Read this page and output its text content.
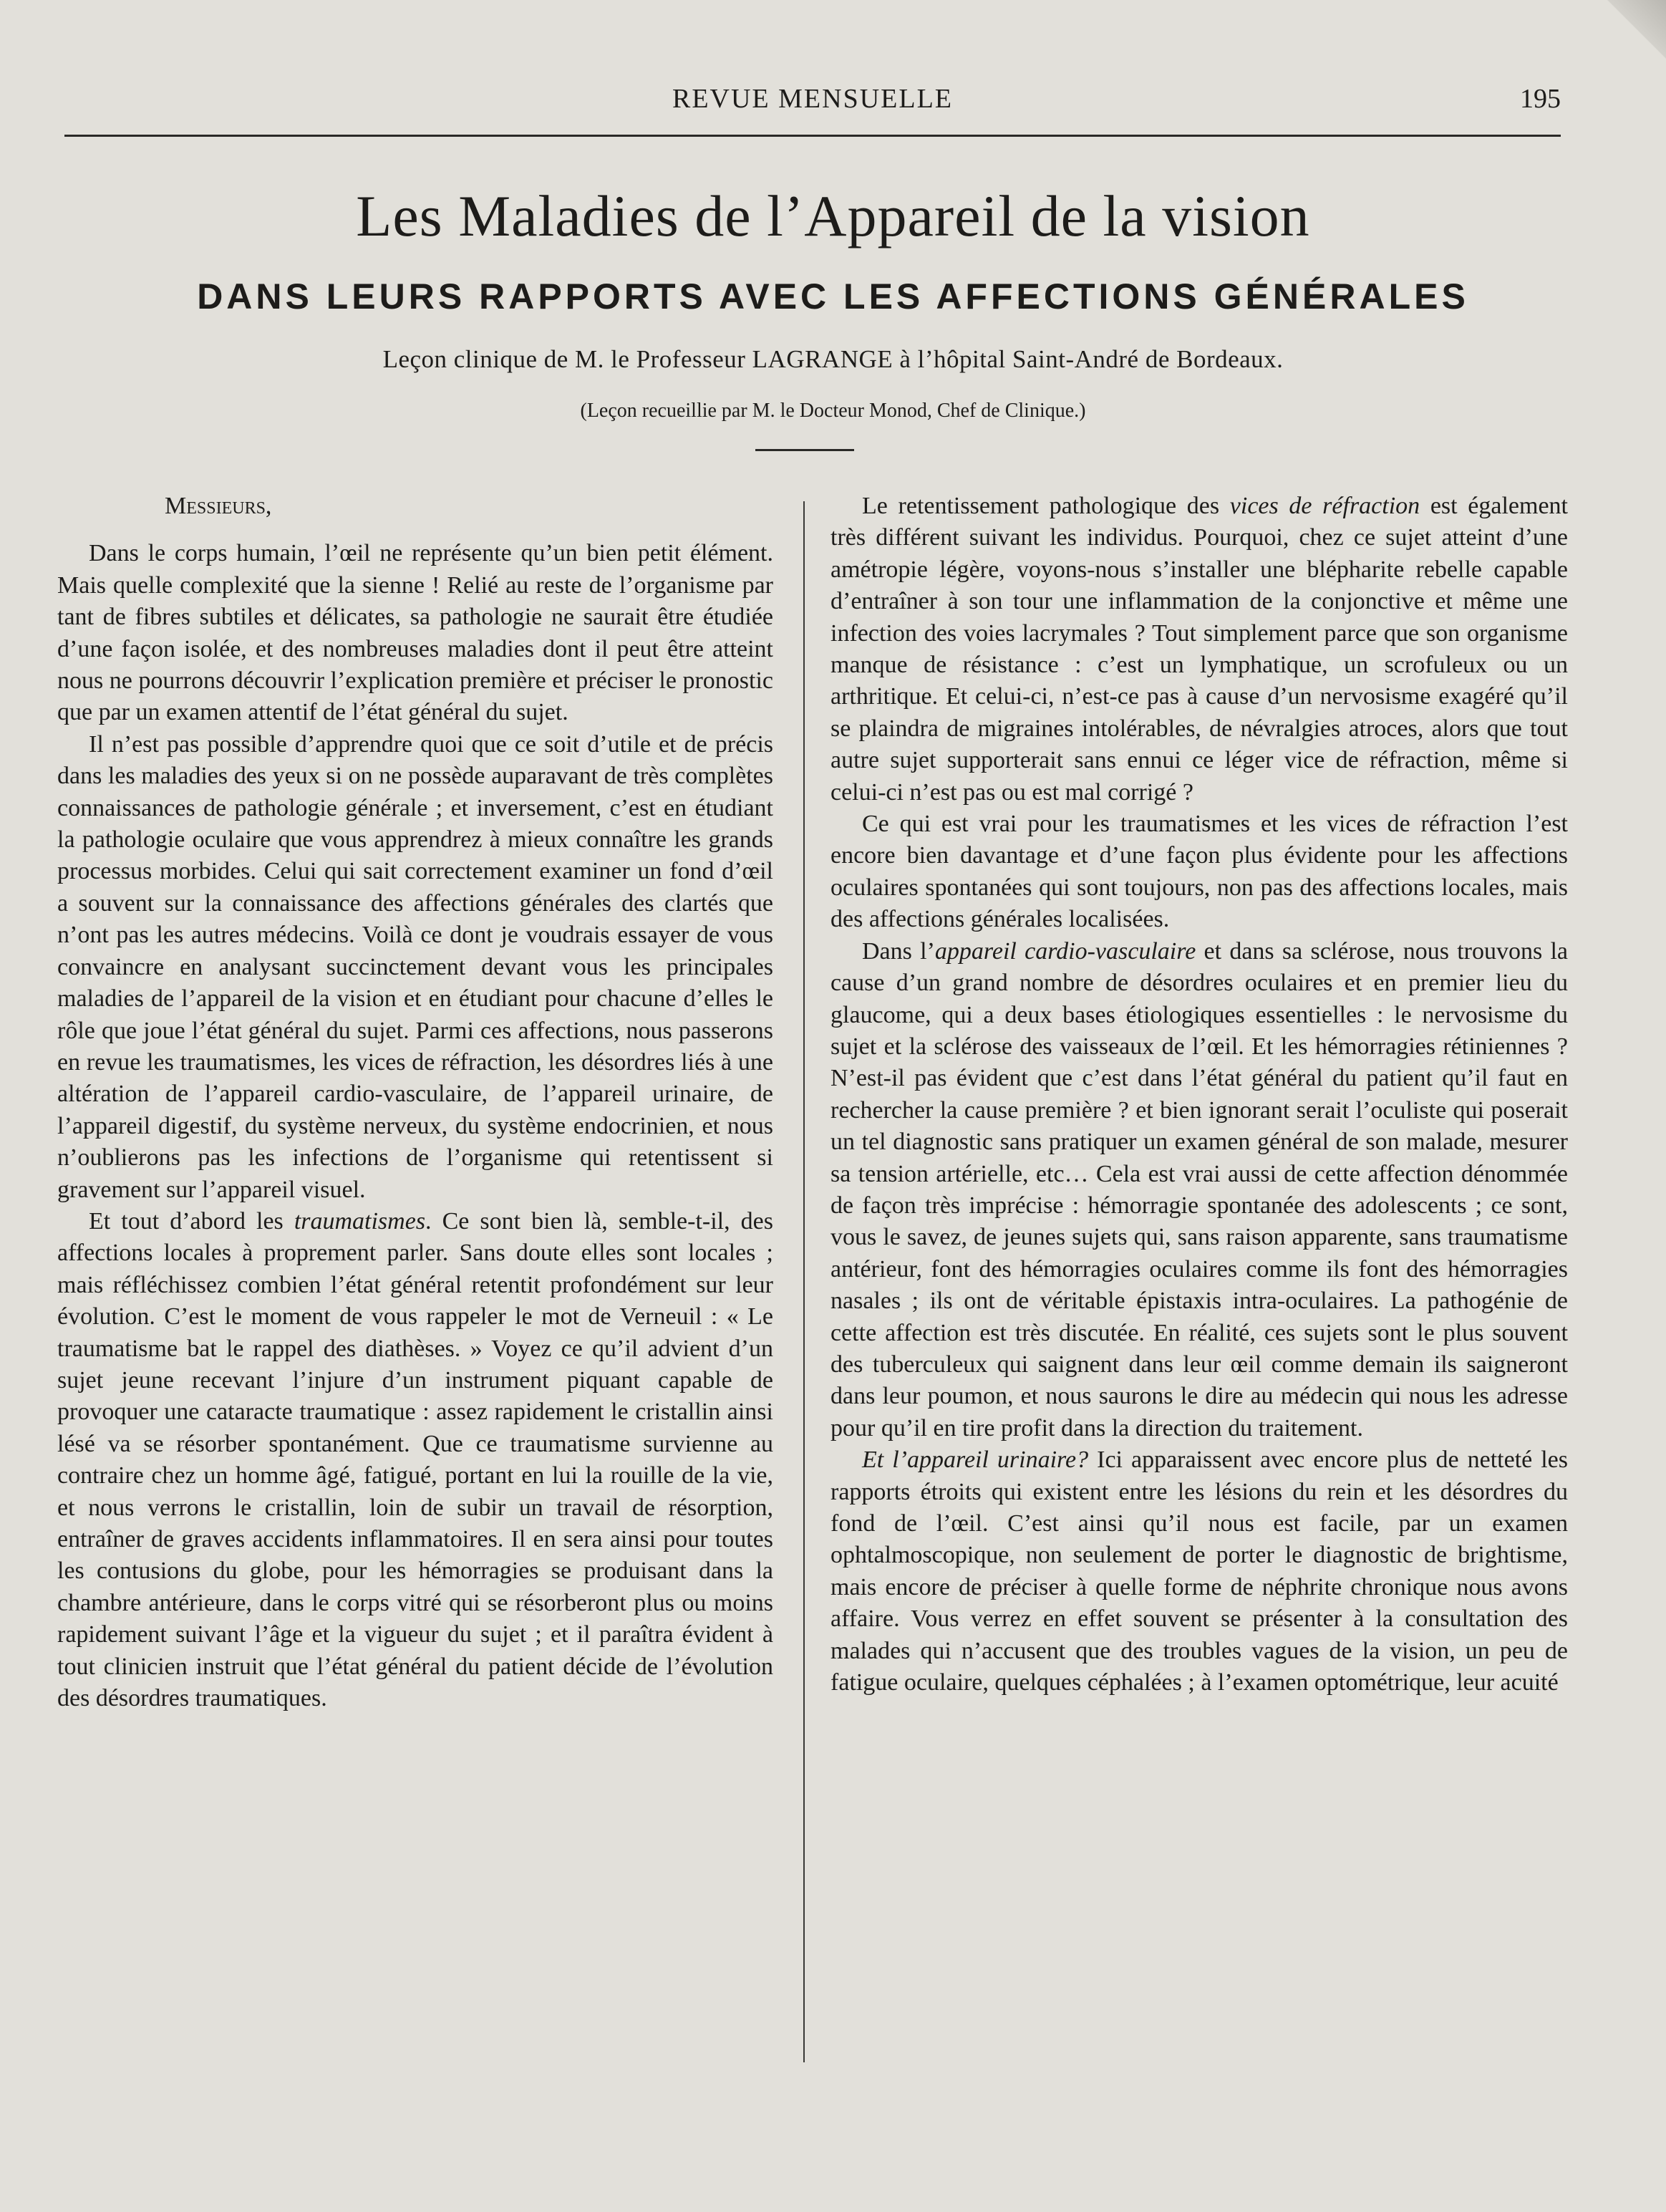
REVUE MENSUELLE	195
Les Maladies de l’Appareil de la vision
DANS LEURS RAPPORTS AVEC LES AFFECTIONS GÉNÉRALES
Leçon clinique de M. le Professeur LAGRANGE à l’hôpital Saint-André de Bordeaux.
(Leçon recueillie par M. le Docteur Monod, Chef de Clinique.)

Messieurs,

Dans le corps humain, l’œil ne représente qu’un bien petit élément. Mais quelle complexité que la sienne ! Relié au reste de l’organisme par tant de fibres subtiles et délicates, sa pathologie ne saurait être étudiée d’une façon isolée, et des nombreuses maladies dont il peut être atteint nous ne pourrons découvrir l’explication première et préciser le pronostic que par un examen attentif de l’état général du sujet.

Il n’est pas possible d’apprendre quoi que ce soit d’utile et de précis dans les maladies des yeux si on ne possède auparavant de très complètes connaissances de pathologie générale ; et inversement, c’est en étudiant la pathologie oculaire que vous apprendrez à mieux connaître les grands processus morbides. Celui qui sait correctement examiner un fond d’œil a souvent sur la connaissance des affections générales des clartés que n’ont pas les autres médecins. Voilà ce dont je voudrais essayer de vous convaincre en analysant succinctement devant vous les principales maladies de l’appareil de la vision et en étudiant pour chacune d’elles le rôle que joue l’état général du sujet. Parmi ces affections, nous passerons en revue les traumatismes, les vices de réfraction, les désordres liés à une altération de l’appareil cardio-vasculaire, de l’appareil urinaire, de l’appareil digestif, du système nerveux, du système endocrinien, et nous n’oublierons pas les infections de l’organisme qui retentissent si gravement sur l’appareil visuel.

Et tout d’abord les traumatismes. Ce sont bien là, semble-t-il, des affections locales à proprement parler. Sans doute elles sont locales ; mais réfléchissez combien l’état général retentit profondément sur leur évolution. C’est le moment de vous rappeler le mot de Verneuil : « Le traumatisme bat le rappel des diathèses. » Voyez ce qu’il advient d’un sujet jeune recevant l’injure d’un instrument piquant capable de provoquer une cataracte traumatique : assez rapidement le cristallin ainsi lésé va se résorber spontanément. Que ce traumatisme survienne au contraire chez un homme âgé, fatigué, portant en lui la rouille de la vie, et nous verrons le cristallin, loin de subir un travail de résorption, entraîner de graves accidents inflammatoires. Il en sera ainsi pour toutes les contusions du globe, pour les hémorragies se produisant dans la chambre antérieure, dans le corps vitré qui se résorberont plus ou moins rapidement suivant l’âge et la vigueur du sujet ; et il paraîtra évident à tout clinicien instruit que l’état général du patient décide de l’évolution des désordres traumatiques.

Le retentissement pathologique des vices de réfraction est également très différent suivant les individus. Pourquoi, chez ce sujet atteint d’une amétropie légère, voyons-nous s’installer une blépharite rebelle capable d’entraîner à son tour une inflammation de la conjonctive et même une infection des voies lacrymales ? Tout simplement parce que son organisme manque de résistance : c’est un lymphatique, un scrofuleux ou un arthritique. Et celui-ci, n’est-ce pas à cause d’un nervosisme exagéré qu’il se plaindra de migraines intolérables, de névralgies atroces, alors que tout autre sujet supporterait sans ennui ce léger vice de réfraction, même si celui-ci n’est pas ou est mal corrigé ?

Ce qui est vrai pour les traumatismes et les vices de réfraction l’est encore bien davantage et d’une façon plus évidente pour les affections oculaires spontanées qui sont toujours, non pas des affections locales, mais des affections générales localisées.

Dans l’appareil cardio-vasculaire et dans sa sclérose, nous trouvons la cause d’un grand nombre de désordres oculaires et en premier lieu du glaucome, qui a deux bases étiologiques essentielles : le nervosisme du sujet et la sclérose des vaisseaux de l’œil. Et les hémorragies rétiniennes ? N’est-il pas évident que c’est dans l’état général du patient qu’il faut en rechercher la cause première ? et bien ignorant serait l’oculiste qui poserait un tel diagnostic sans pratiquer un examen général de son malade, mesurer sa tension artérielle, etc… Cela est vrai aussi de cette affection dénommée de façon très imprécise : hémorragie spontanée des adolescents ; ce sont, vous le savez, de jeunes sujets qui, sans raison apparente, sans traumatisme antérieur, font des hémorragies oculaires comme ils font des hémorragies nasales ; ils ont de véritable épistaxis intra-oculaires. La pathogénie de cette affection est très discutée. En réalité, ces sujets sont le plus souvent des tuberculeux qui saignent dans leur œil comme demain ils saigneront dans leur poumon, et nous saurons le dire au médecin qui nous les adresse pour qu’il en tire profit dans la direction du traitement.

Et l’appareil urinaire? Ici apparaissent avec encore plus de netteté les rapports étroits qui existent entre les lésions du rein et les désordres du fond de l’œil. C’est ainsi qu’il nous est facile, par un examen ophtalmoscopique, non seulement de porter le diagnostic de brightisme, mais encore de préciser à quelle forme de néphrite chronique nous avons affaire. Vous verrez en effet souvent se présenter à la consultation des malades qui n’accusent que des troubles vagues de la vision, un peu de fatigue oculaire, quelques céphalées ; à l’examen optométrique, leur acuité
